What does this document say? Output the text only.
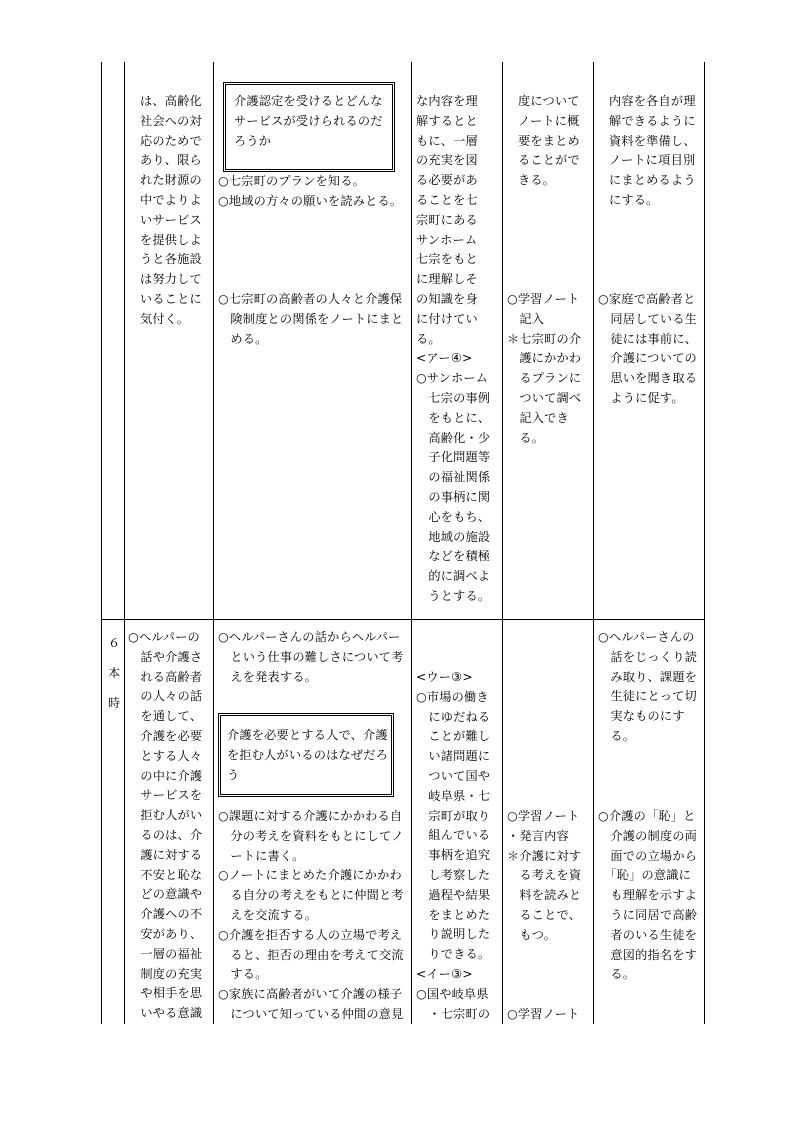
は、高齢化
社会への対
応のためで
あり、限ら
れた財源の
中でよりよ
いサービス
を提供しよ
うと各施設
は努力して
いることに
気付く。
介護認定を受けるとどんな
サービスが受けられるのだ
ろうか
○七宗町のプランを知る。
○地域の方々の願いを読みとる。
○七宗町の高齢者の人々と介護保
　険制度との関係をノートにまと
　める。
な内容を理
解するとと
もに、一層
の充実を図
る必要があ
ることを七
宗町にある
サンホーム
七宗をもと
に理解しそ
の知識を身
に付けてい
る。
<アー④>
○サンホーム
　七宗の事例
　をもとに、
　高齢化・少
　子化問題等
　の福祉関係
　の事柄に関
　心をもち、
　地域の施設
　などを積極
　的に調べよ
　うとする。
度について
ノートに概
要をまとめ
ることがで
きる。
○学習ノート
　記入
＊七宗町の介
　護にかかわ
　るプランに
　ついて調べ
　記入でき
　る。
内容を各自が理
解できるように
資料を準備し、
ノートに項目別
にまとめるよう
にする。
○家庭で高齢者と
　同居している生
　徒には事前に、
　介護についての
　思いを聞き取る
　ように促す。
６
本
時
○ヘルパーの
　話や介護さ
　れる高齢者
　の人々の話
　を通して、
　介護を必要
　とする人々
　の中に介護
　サービスを
　拒む人がい
　るのは、介
　護に対する
　不安と恥な
　どの意識や
　介護への不
　安があり、
　一層の福祉
　制度の充実
　や相手を思
　いやる意識
○ヘルパーさんの話からヘルパー
　という仕事の難しさについて考
　えを発表する。
介護を必要とする人で、介護
を拒む人がいるのはなぜだろ
う
○課題に対する介護にかかわる自
　分の考えを資料をもとにしてノ
　ートに書く。
○ノートにまとめた介護にかかわ
　る自分の考えをもとに仲間と考
　えを交流する。
○介護を拒否する人の立場で考え
　ると、拒否の理由を考えて交流
　する。
○家族に高齢者がいて介護の様子
　について知っている仲間の意見
<ウー③>
○市場の働き
　にゆだねる
　ことが難し
　い諸問題に
　ついて国や
　岐阜県・七
　宗町が取り
　組んでいる
　事柄を追究
　し考察した
　過程や結果
　をまとめた
　り説明した
　りできる。
<イー③>
○国や岐阜県
　・七宗町の
○学習ノート
・発言内容
＊介護に対す
　る考えを資
　料を読みと
　ることで、
　もつ。
○学習ノート
○ヘルパーさんの
　話をじっくり読
　み取り、課題を
　生徒にとって切
　実なものにす
　る。
○介護の「恥」と
　介護の制度の両
　面での立場から
　「恥」の意識に
　も理解を示すよ
　うに同居で高齢
　者のいる生徒を
　意図的指名をす
　る。
